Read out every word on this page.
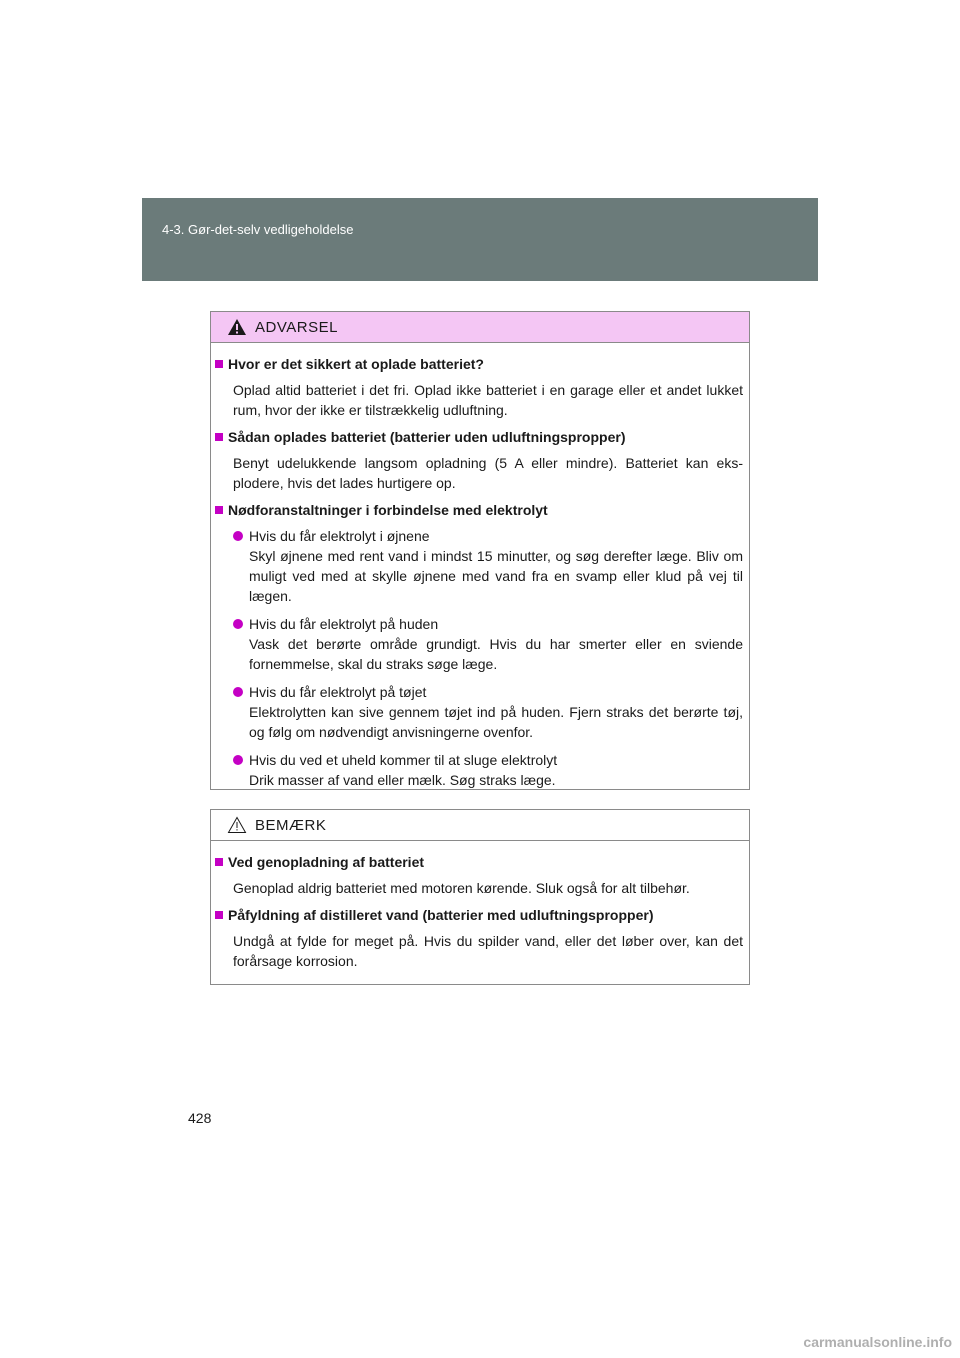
4-3. Gør-det-selv vedligeholdelse
ADVARSEL
Hvor er det sikkert at oplade batteriet?

Oplad altid batteriet i det fri. Oplad ikke batteriet i en garage eller et andet lukket rum, hvor der ikke er tilstrækkelig udluftning.

Sådan oplades batteriet (batterier uden udluftningspropper)

Benyt udelukkende langsom opladning (5 A eller mindre). Batteriet kan eks-plodere, hvis det lades hurtigere op.

Nødforanstaltninger i forbindelse med elektrolyt
Hvis du får elektrolyt i øjnene
Skyl øjnene med rent vand i mindst 15 minutter, og søg derefter læge. Bliv om muligt ved med at skylle øjnene med vand fra en svamp eller klud på vej til lægen.
Hvis du får elektrolyt på huden
Vask det berørte område grundigt. Hvis du har smerter eller en sviende fornemmelse, skal du straks søge læge.
Hvis du får elektrolyt på tøjet
Elektrolytten kan sive gennem tøjet ind på huden. Fjern straks det berørte tøj, og følg om nødvendigt anvisningerne ovenfor.
Hvis du ved et uheld kommer til at sluge elektrolyt
Drik masser af vand eller mælk. Søg straks læge.
BEMÆRK
Ved genopladning af batteriet

Genoplad aldrig batteriet med motoren kørende. Sluk også for alt tilbehør.

Påfyldning af distilleret vand (batterier med udluftningspropper)

Undgå at fylde for meget på. Hvis du spilder vand, eller det løber over, kan det forårsage korrosion.

428
carmanualsonline.info
